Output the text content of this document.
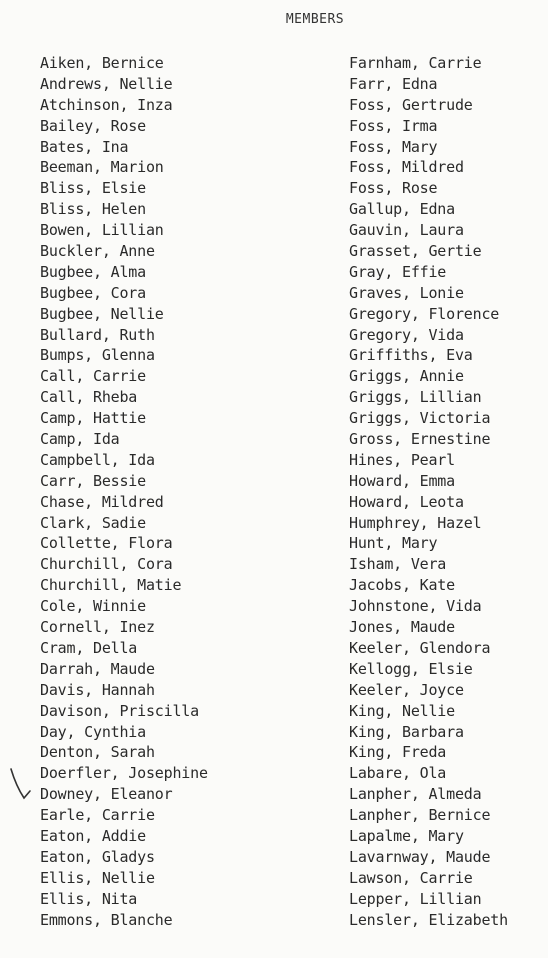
MEMBERS
Aiken, Bernice
Andrews, Nellie
Atchinson, Inza
Bailey, Rose
Bates, Ina
Beeman, Marion
Bliss, Elsie
Bliss, Helen
Bowen, Lillian
Buckler, Anne
Bugbee, Alma
Bugbee, Cora
Bugbee, Nellie
Bullard, Ruth
Bumps, Glenna
Call, Carrie
Call, Rheba
Camp, Hattie
Camp, Ida
Campbell, Ida
Carr, Bessie
Chase, Mildred
Clark, Sadie
Collette, Flora
Churchill, Cora
Churchill, Matie
Cole, Winnie
Cornell, Inez
Cram, Della
Darrah, Maude
Davis, Hannah
Davison, Priscilla
Day, Cynthia
Denton, Sarah
Doerfler, Josephine
Downey, Eleanor
Earle, Carrie
Eaton, Addie
Eaton, Gladys
Ellis, Nellie
Ellis, Nita
Emmons, Blanche
Farnham, Carrie
Farr, Edna
Foss, Gertrude
Foss, Irma
Foss, Mary
Foss, Mildred
Foss, Rose
Gallup, Edna
Gauvin, Laura
Grasset, Gertie
Gray, Effie
Graves, Lonie
Gregory, Florence
Gregory, Vida
Griffiths, Eva
Griggs, Annie
Griggs, Lillian
Griggs, Victoria
Gross, Ernestine
Hines, Pearl
Howard, Emma
Howard, Leota
Humphrey, Hazel
Hunt, Mary
Isham, Vera
Jacobs, Kate
Johnstone, Vida
Jones, Maude
Keeler, Glendora
Kellogg, Elsie
Keeler, Joyce
King, Nellie
King, Barbara
King, Freda
Labare, Ola
Lanpher, Almeda
Lanpher, Bernice
Lapalme, Mary
Lavarnway, Maude
Lawson, Carrie
Lepper, Lillian
Lensler, Elizabeth
